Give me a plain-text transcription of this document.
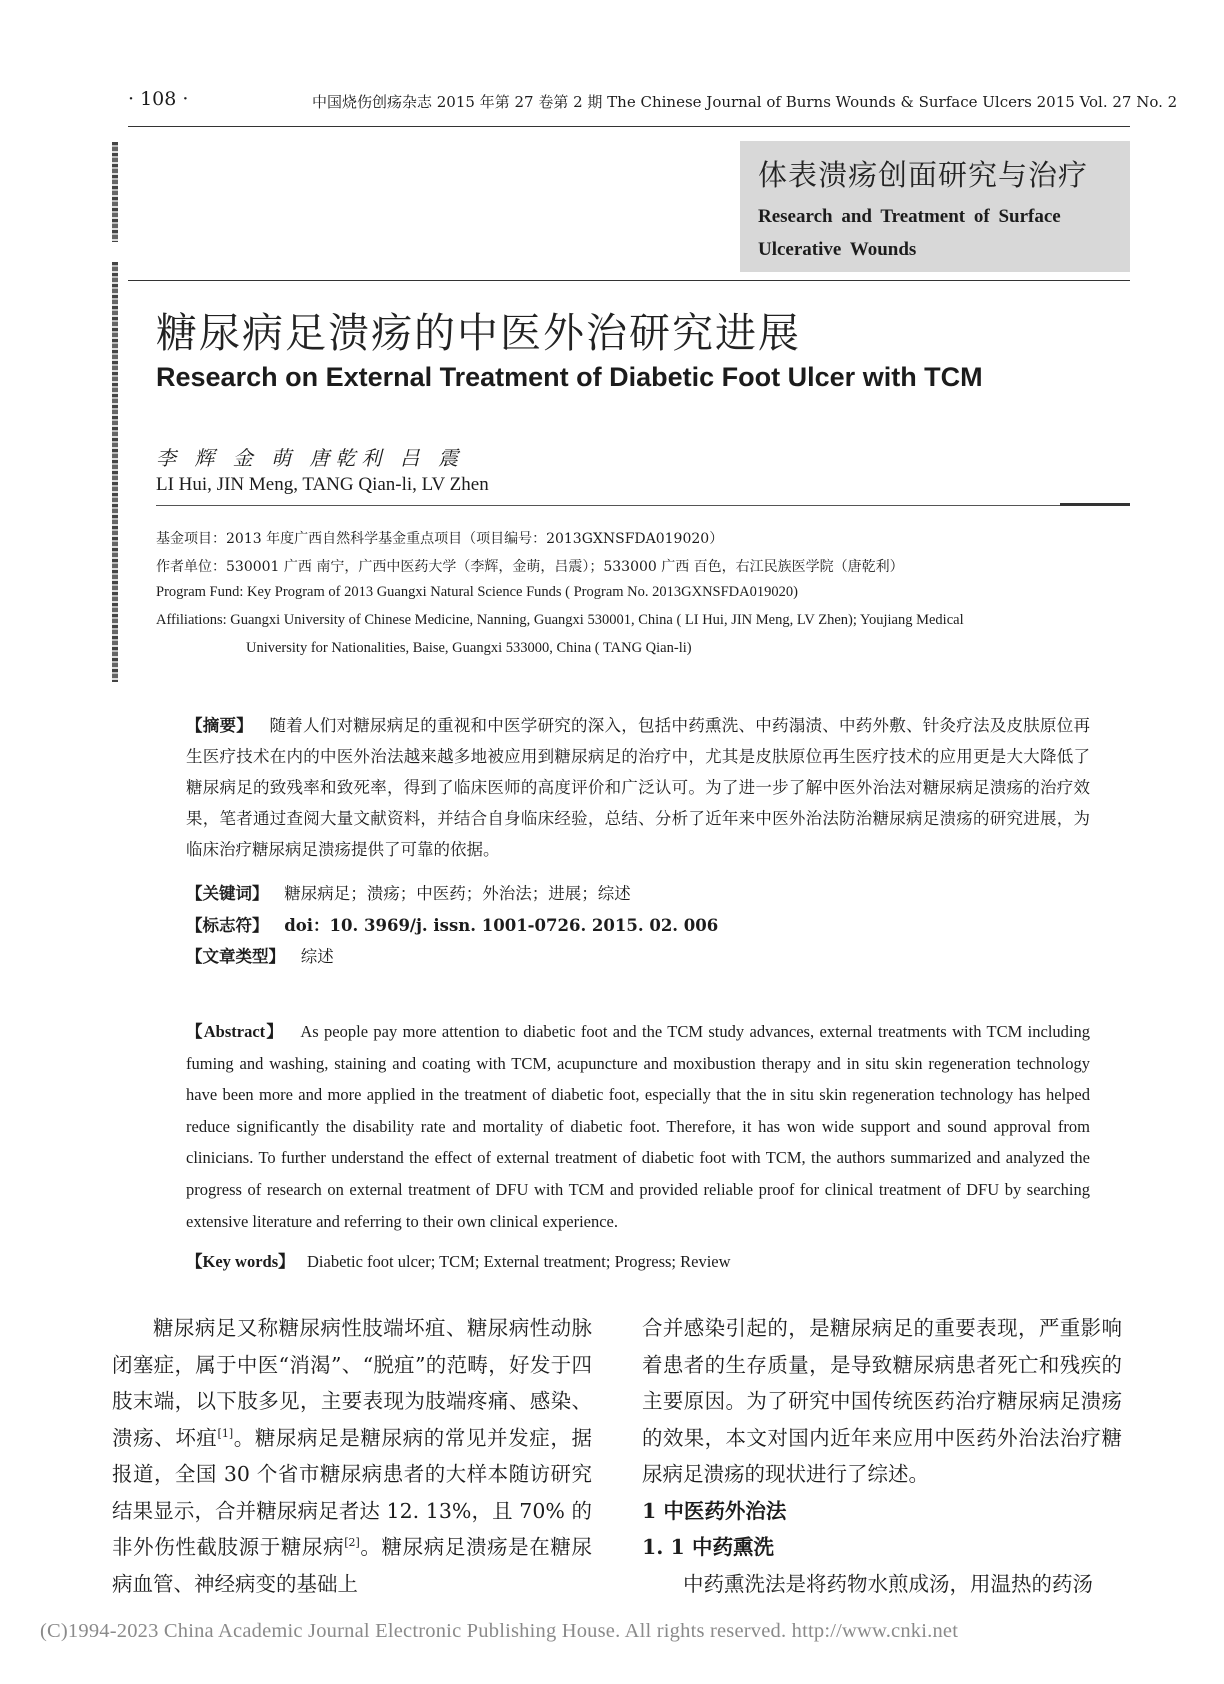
· 108 ·	中国烧伤创疡杂志 2015 年第 27 卷第 2 期 The Chinese Journal of Burns Wounds & Surface Ulcers 2015 Vol. 27 No. 2
体表溃疡创面研究与治疗
Research and Treatment of Surface
Ulcerative Wounds
糖尿病足溃疡的中医外治研究进展
Research on External Treatment of Diabetic Foot Ulcer with TCM
李 辉 金 萌 唐乾利 吕 震
LI Hui, JIN Meng, TANG Qian-li, LV Zhen
基金项目：2013 年度广西自然科学基金重点项目（项目编号：2013GXNSFDA019020）
作者单位：530001 广西 南宁，广西中医药大学（李辉，金萌，吕震）；533000 广西 百色，右江民族医学院（唐乾利）
Program Fund: Key Program of 2013 Guangxi Natural Science Funds ( Program No. 2013GXNSFDA019020)
Affiliations: Guangxi University of Chinese Medicine, Nanning, Guangxi 530001, China ( LI Hui, JIN Meng, LV Zhen); Youjiang Medical
University for Nationalities, Baise, Guangxi 533000, China ( TANG Qian-li)
【摘要】 随着人们对糖尿病足的重视和中医学研究的深入，包括中药熏洗、中药溻渍、中药外敷、针灸疗法及皮肤原位再生医疗技术在内的中医外治法越来越多地被应用到糖尿病足的治疗中，尤其是皮肤原位再生医疗技术的应用更是大大降低了糖尿病足的致残率和致死率，得到了临床医师的高度评价和广泛认可。为了进一步了解中医外治法对糖尿病足溃疡的治疗效果，笔者通过查阅大量文献资料，并结合自身临床经验，总结、分析了近年来中医外治法防治糖尿病足溃疡的研究进展，为临床治疗糖尿病足溃疡提供了可靠的依据。
【关键词】 糖尿病足；溃疡；中医药；外治法；进展；综述
【标志符】 doi：10. 3969/j. issn. 1001-0726. 2015. 02. 006
【文章类型】 综述
【Abstract】 As people pay more attention to diabetic foot and the TCM study advances, external treatments with TCM including fuming and washing, staining and coating with TCM, acupuncture and moxibustion therapy and in situ skin regeneration technology have been more and more applied in the treatment of diabetic foot, especially that the in situ skin regeneration technology has helped reduce significantly the disability rate and mortality of diabetic foot. Therefore, it has won wide support and sound approval from clinicians. To further understand the effect of external treatment of diabetic foot with TCM, the authors summarized and analyzed the progress of research on external treatment of DFU with TCM and provided reliable proof for clinical treatment of DFU by searching extensive literature and referring to their own clinical experience.
【Key words】 Diabetic foot ulcer; TCM; External treatment; Progress; Review
糖尿病足又称糖尿病性肢端坏疽、糖尿病性动脉闭塞症，属于中医“消渴”、“脱疽”的范畴，好发于四肢末端，以下肢多见，主要表现为肢端疼痛、感染、溃疡、坏疽[1]。糖尿病足是糖尿病的常见并发症，据报道，全国 30 个省市糖尿病患者的大样本随访研究结果显示，合并糖尿病足者达 12. 13%，且 70% 的非外伤性截肢源于糖尿病[2]。糖尿病足溃疡是在糖尿病血管、神经病变的基础上
合并感染引起的，是糖尿病足的重要表现，严重影响着患者的生存质量，是导致糖尿病患者死亡和残疾的主要原因。为了研究中国传统医药治疗糖尿病足溃疡的效果，本文对国内近年来应用中医药外治法治疗糖尿病足溃疡的现状进行了综述。
1 中医药外治法
1. 1 中药熏洗
中药熏洗法是将药物水煎成汤，用温热的药汤
(C)1994-2023 China Academic Journal Electronic Publishing House. All rights reserved. http://www.cnki.net
